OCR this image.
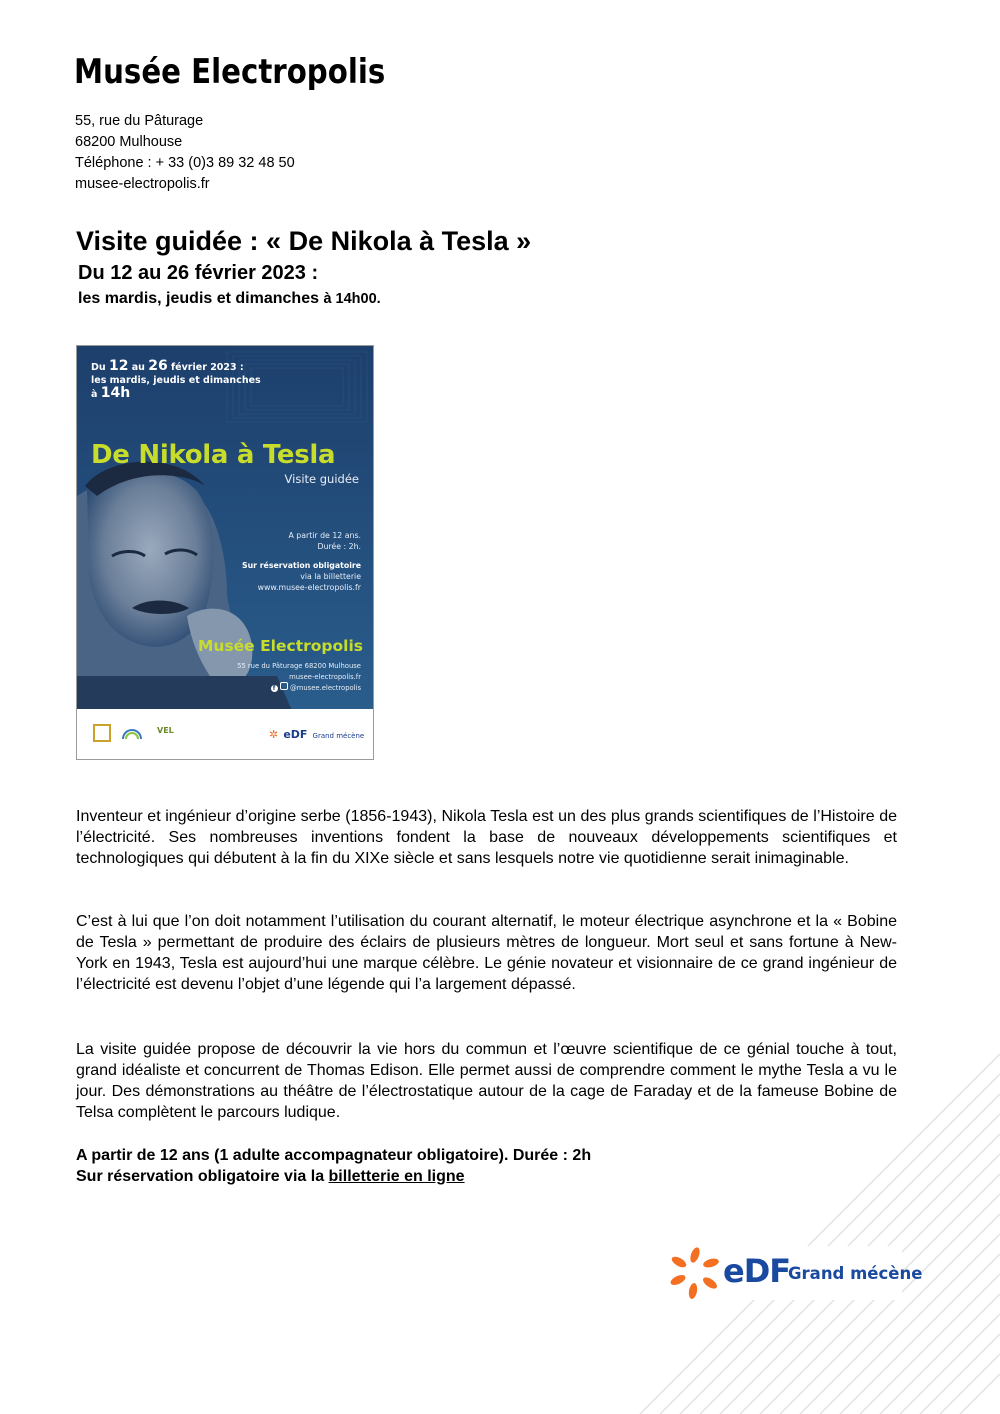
Musée Electropolis
55, rue du Pâturage
68200 Mulhouse
Téléphone : + 33 (0)3 89 32 48 50
musee-electropolis.fr
Visite guidée : « De Nikola à Tesla »
Du 12 au 26 février 2023 :
les mardis, jeudis et dimanches à 14h00.
Du 12 au 26 février 2023 :
les mardis, jeudis et dimanches
à 14h
De Nikola à Tesla
Visite guidée
A partir de 12 ans.
Durée : 2h.
Sur réservation obligatoire
via la billetterie
www.musee-electropolis.fr
Musée Electropolis
55 rue du Pâturage 68200 Mulhouse
musee-electropolis.fr
f @musee.electropolis
VEL	✲ eDF Grand mécène
Inventeur et ingénieur d’origine serbe (1856-1943), Nikola Tesla est un des plus grands scientifiques de l’Histoire de l’électricité. Ses nombreuses inventions fondent la base de nouveaux développements scientifiques et technologiques qui débutent à la fin du XIXe siècle et sans lesquels notre vie quotidienne serait inimaginable.
C’est à lui que l’on doit notamment l’utilisation du courant alternatif, le moteur électrique asynchrone et la « Bobine de Tesla » permettant de produire des éclairs de plusieurs mètres de longueur. Mort seul et sans fortune à New-York en 1943, Tesla est aujourd’hui une marque célèbre. Le génie novateur et visionnaire de ce grand ingénieur de l’électricité est devenu l’objet d’une légende qui l’a largement dépassé.
La visite guidée propose de découvrir la vie hors du commun et l’œuvre scientifique de ce génial touche à tout, grand idéaliste et concurrent de Thomas Edison. Elle permet aussi de comprendre comment le mythe Tesla a vu le jour. Des démonstrations au théâtre de l’électrostatique autour de la cage de Faraday et de la fameuse Bobine de Telsa complètent le parcours ludique.
A partir de 12 ans (1 adulte accompagnateur obligatoire). Durée : 2h
Sur réservation obligatoire via la billetterie en ligne
eDF
Grand mécène
